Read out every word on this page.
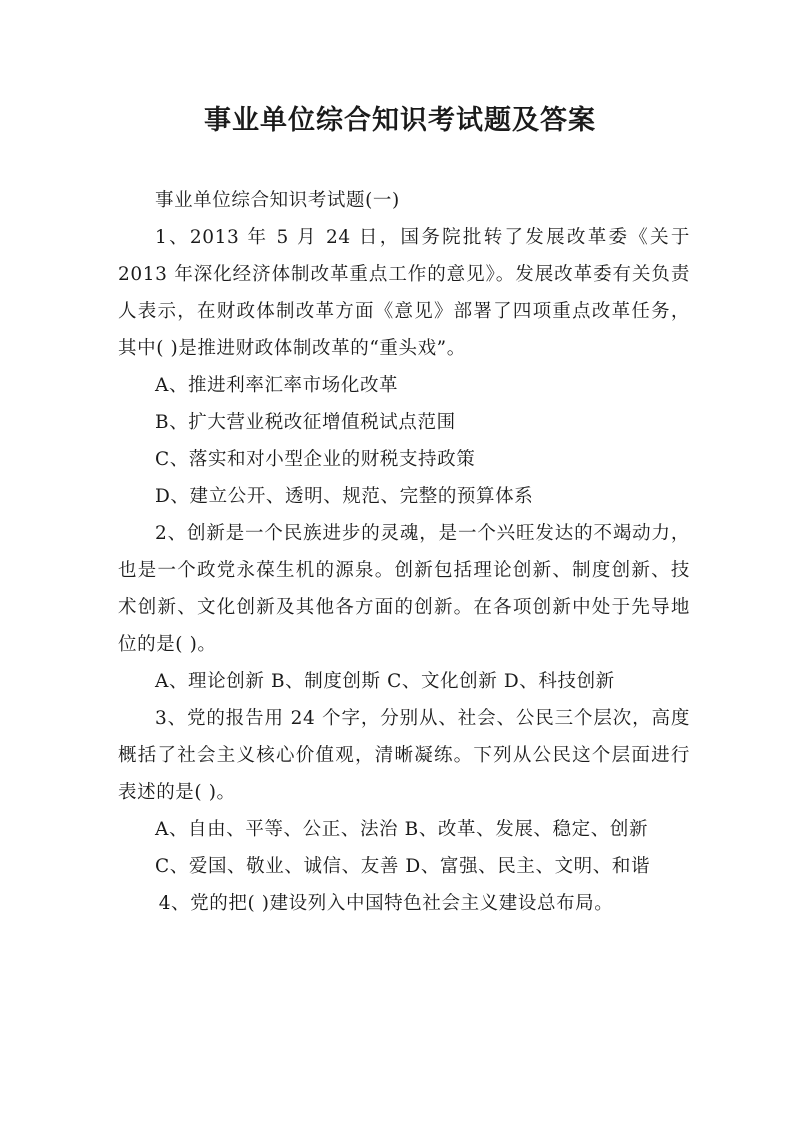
事业单位综合知识考试题及答案

事业单位综合知识考试题(一)

1、2013 年 5 月 24 日，国务院批转了发展改革委《关于 2013 年深化经济体制改革重点工作的意见》。发展改革委有关负责人表示，在财政体制改革方面《意见》部署了四项重点改革任务，其中( )是推进财政体制改革的“重头戏”。

A、推进利率汇率市场化改革

B、扩大营业税改征增值税试点范围

C、落实和对小型企业的财税支持政策

D、建立公开、透明、规范、完整的预算体系

2、创新是一个民族进步的灵魂，是一个兴旺发达的不竭动力，也是一个政党永葆生机的源泉。创新包括理论创新、制度创新、技术创新、文化创新及其他各方面的创新。在各项创新中处于先导地位的是( )。

A、理论创新 B、制度创斯 C、文化创新 D、科技创新

3、党的报告用 24 个字，分别从、社会、公民三个层次，高度概括了社会主义核心价值观，清晰凝练。下列从公民这个层面进行表述的是( )。

A、自由、平等、公正、法治 B、改革、发展、稳定、创新

C、爱国、敬业、诚信、友善 D、富强、民主、文明、和谐

4、党的把( )建设列入中国特色社会主义建设总布局。
